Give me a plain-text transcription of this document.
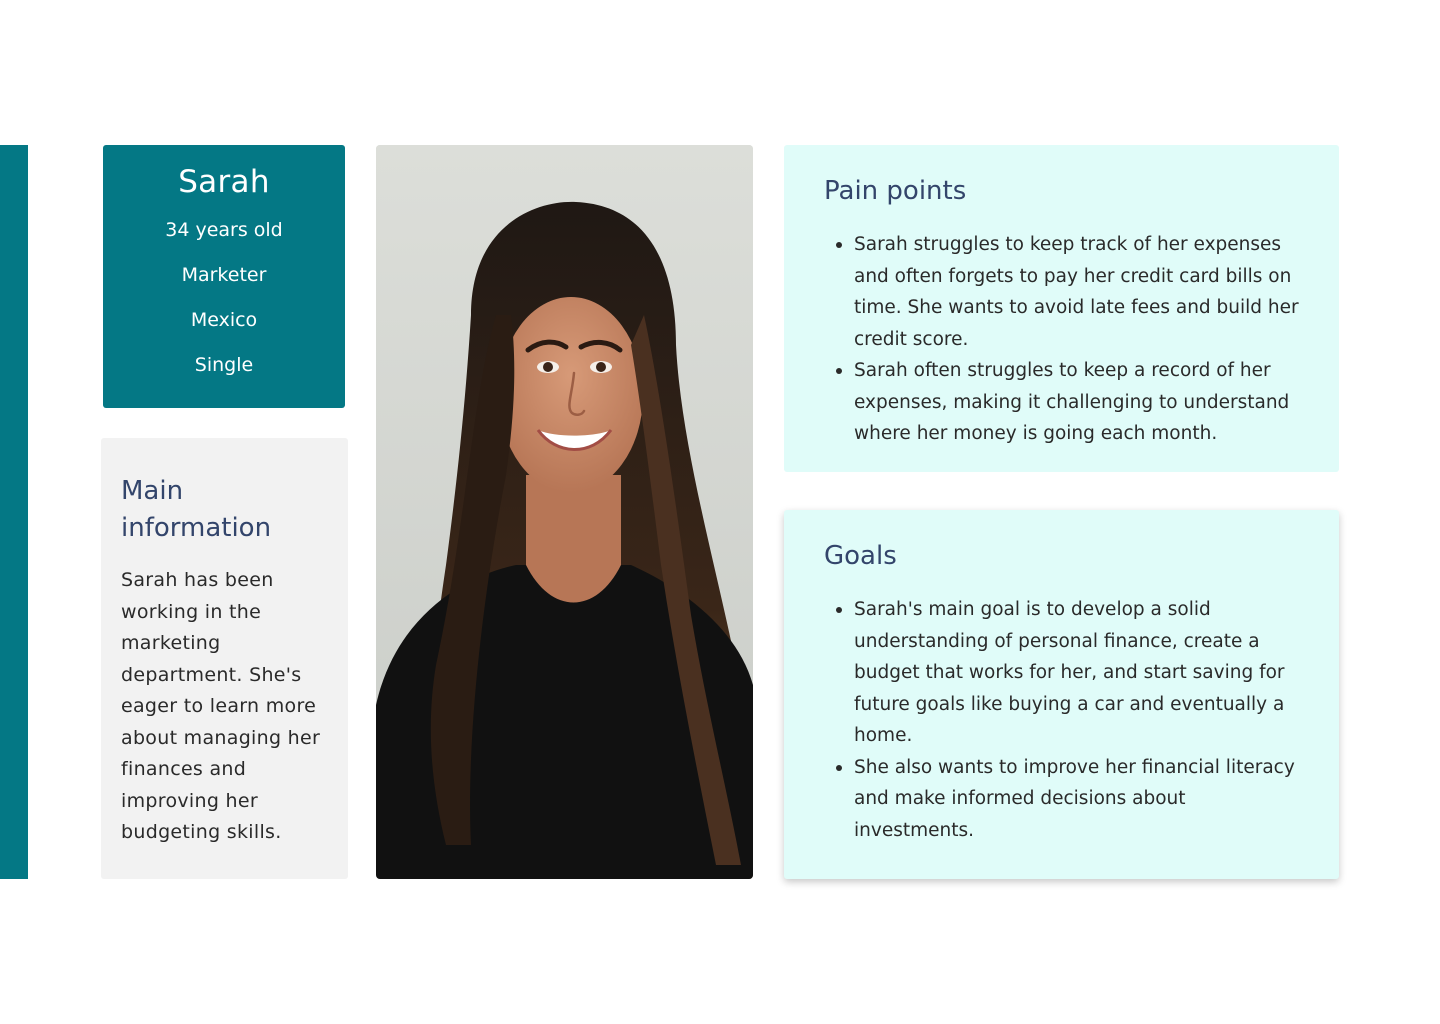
Sarah
34 years old
Marketer
Mexico
Single
Main information

Sarah has been working in the marketing department. She's eager to learn more about managing her finances and improving her budgeting skills.

Pain points
Sarah struggles to keep track of her expenses and often forgets to pay her credit card bills on time. She wants to avoid late fees and build her credit score.
Sarah often struggles to keep a record of her expenses, making it challenging to understand where her money is going each month.
Goals
Sarah's main goal is to develop a solid understanding of personal finance, create a budget that works for her, and start saving for future goals like buying a car and eventually a home.
She also wants to improve her financial literacy and make informed decisions about investments.
